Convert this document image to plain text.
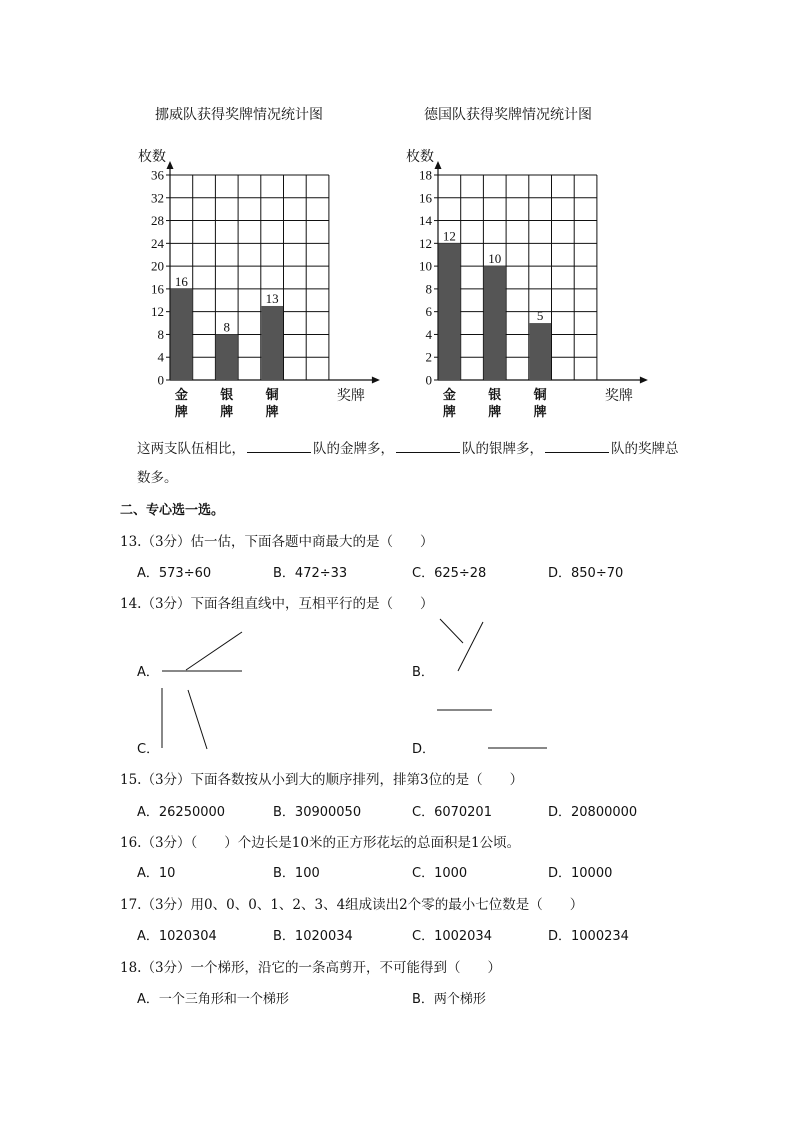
挪威队获得奖牌情况统计图	德国队获得奖牌情况统计图
0
4
8
12
16
20
24
28
32
36
枚数
奖牌
16
金
牌
8
银
牌
13
铜
牌
0
2
4
6
8
10
12
14
16
18
枚数
奖牌
12
金
牌
10
银
牌
5
铜
牌
这两支队伍相比，	队的金牌多，	队的银牌多，	队的奖牌总
数多。
二、专心选一选。
13.（3分）估一估，下面各题中商最大的是（　　）
A．573÷60	B．472÷33	C．625÷28	D．850÷70
14.（3分）下面各组直线中，互相平行的是（　　）
A．	B．
C．	D．
15.（3分）下面各数按从小到大的顺序排列，排第3位的是（　　）
A．26250000	B．30900050	C．6070201	D．20800000
16.（3分）（　　）个边长是10米的正方形花坛的总面积是1公顷。
A．10	B．100	C．1000	D．10000
17.（3分）用0、0、0、1、2、3、4组成读出2个零的最小七位数是（　　）
A．1020304	B．1020034	C．1002034	D．1000234
18.（3分）一个梯形，沿它的一条高剪开，不可能得到（　　）
A．一个三角形和一个梯形	B．两个梯形
